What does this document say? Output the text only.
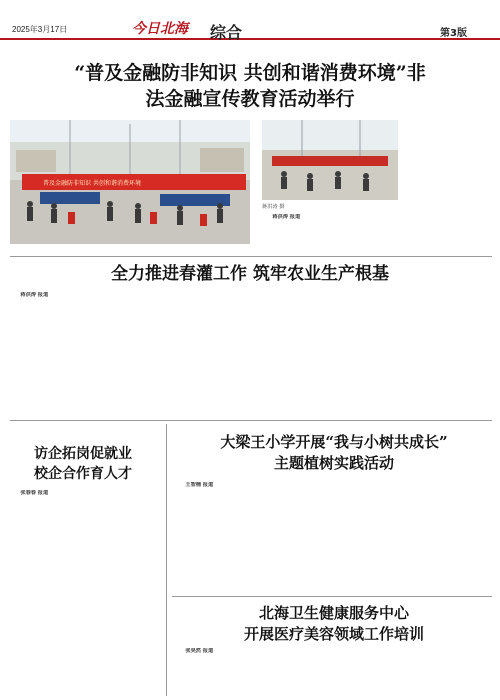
2025年3月17日	今日北海 综合	第3版
“普及金融防非知识 共创和谐消费环境”非
法金融宣传教育活动举行
普及金融防非知识 共创和谐消费环境
蒋洪涛 摄

蒋洪涛 报道

全力推进春灌工作 筑牢农业生产根基

蒋洪涛 报道

访企拓岗促就业
校企合作育人才

张春春 报道

大梁王小学开展“我与小树共成长”
主题植树实践活动

王智楠 报道

北海卫生健康服务中心
开展医疗美容领域工作培训

张昊然 报道
